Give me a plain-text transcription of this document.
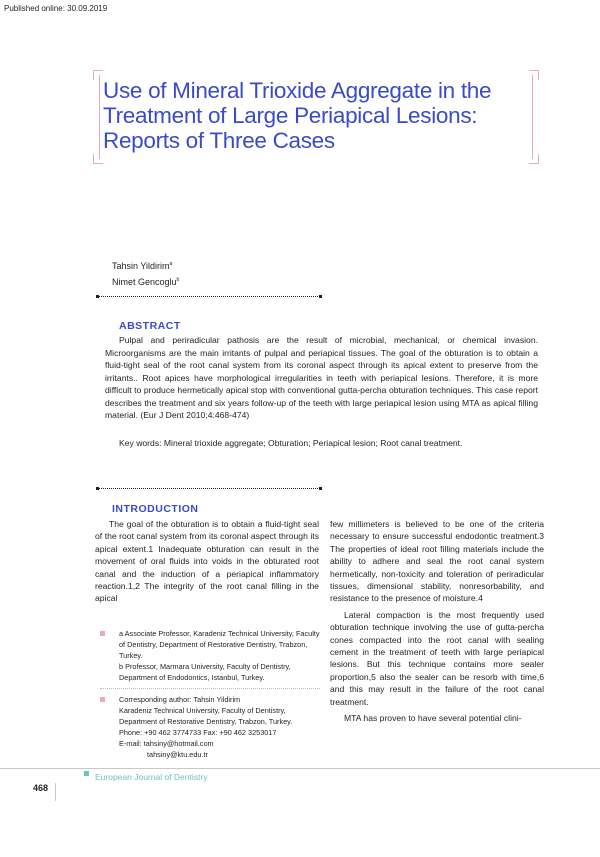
Published online: 30.09.2019
Use of Mineral Trioxide Aggregate in the Treatment of Large Periapical Lesions: Reports of Three Cases
Tahsin Yildirim$^a$
Nimet Gencoglu$^b$
ABSTRACT
Pulpal and periradicular pathosis are the result of microbial, mechanical, or chemical invasion. Microorganisms are the main irritants of pulpal and periapical tissues. The goal of the obturation is to obtain a fluid-tight seal of the root canal system from its coronal aspect through its apical extent to preserve from the irritants.. Root apices have morphological irregularities in teeth with periapical lesions. Therefore, it is more difficult to produce hermetically apical stop with conventional gutta-percha obturation techniques. This case report describes the treatment and six years follow-up of the teeth with large periapical lesion using MTA as apical filling material. (Eur J Dent 2010;4:468-474)
Key words: Mineral trioxide aggregate; Obturation; Periapical lesion; Root canal treatment.
INTRODUCTION

The goal of the obturation is to obtain a fluid-tight seal of the root canal system from its coronal aspect through its apical extent.1 Inadequate obturation can result in the movement of oral fluids into voids in the obturated root canal and the induction of a periapical inflammatory reaction.1,2 The integrity of the root canal filling in the apical

few millimeters is believed to be one of the criteria necessary to ensure successful endodontic treatment.3 The properties of ideal root filling materials include the ability to adhere and seal the root canal system hermetically, non-toxicity and toleration of periradicular tissues, dimensional stability, nonresorbability, and resistance to the presence of moisture.4

Lateral compaction is the most frequently used obturation technique involving the use of gutta-percha cones compacted into the root canal with sealing cement in the treatment of teeth with large periapical lesions. But this technique contains more sealer proportion,5 also the sealer can be resorb with time,6 and this may result in the failure of the root canal treatment.

MTA has proven to have several potential clini-

a Associate Professor, Karadeniz Technical University, Faculty of Dentistry, Department of Restorative Dentistry, Trabzon, Turkey.
b Professor, Marmara University, Faculty of Dentistry, Department of Endodontics, Istanbul, Turkey.
Corresponding author: Tahsin Yildirim
Karadeniz Technical University, Faculty of Dentistry, Department of Restorative Dentistry, Trabzon, Turkey.
Phone: +90 462 3774733 Fax: +90 462 3253017
E-mail: tahsiny@hotmail.com
tahsiny@ktu.edu.tr
European Journal of Dentistry
468
